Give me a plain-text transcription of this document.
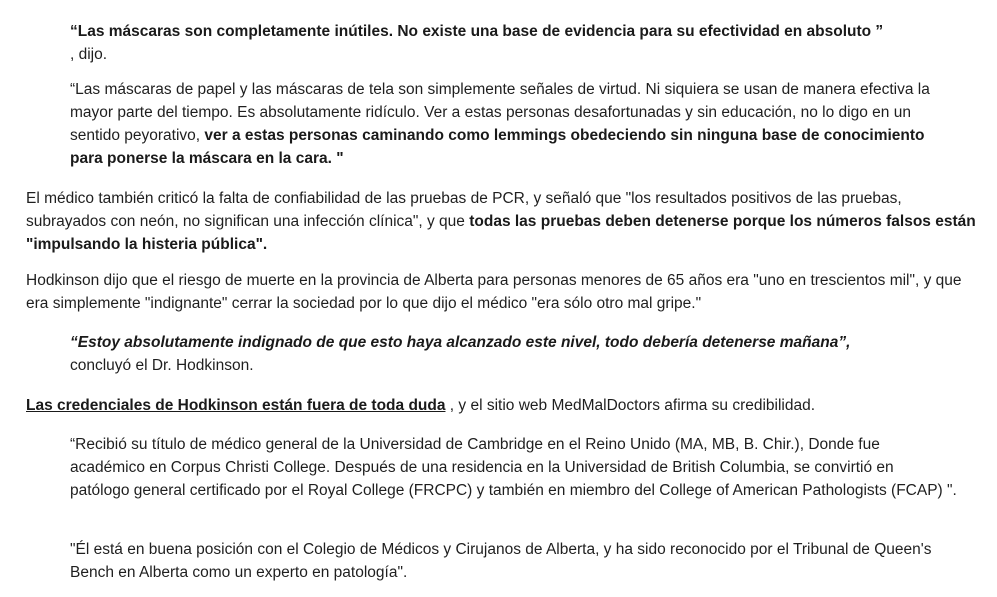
“Las máscaras son completamente inútiles. No existe una base de evidencia para su efectividad en absoluto ”
, dijo.

“Las máscaras de papel y las máscaras de tela son simplemente señales de virtud. Ni siquiera se usan de manera efectiva la mayor parte del tiempo. Es absolutamente ridículo. Ver a estas personas desafortunadas y sin educación, no lo digo en un sentido peyorativo, ver a estas personas caminando como lemmings obedeciendo sin ninguna base de conocimiento para ponerse la máscara en la cara. "

El médico también criticó la falta de confiabilidad de las pruebas de PCR, y señaló que "los resultados positivos de las pruebas, subrayados con neón, no significan una infección clínica", y que todas las pruebas deben detenerse porque los números falsos están "impulsando la histeria pública".

Hodkinson dijo que el riesgo de muerte en la provincia de Alberta para personas menores de 65 años era "uno en trescientos mil", y que era simplemente "indignante" cerrar la sociedad por lo que dijo el médico "era sólo otro mal gripe."

“Estoy absolutamente indignado de que esto haya alcanzado este nivel, todo debería detenerse mañana”,
concluyó el Dr. Hodkinson.

Las credenciales de Hodkinson están fuera de toda duda , y el sitio web MedMalDoctors afirma su credibilidad.

“Recibió su título de médico general de la Universidad de Cambridge en el Reino Unido (MA, MB, B. Chir.), Donde fue académico en Corpus Christi College. Después de una residencia en la Universidad de British Columbia, se convirtió en patólogo general certificado por el Royal College (FRCPC) y también en miembro del College of American Pathologists (FCAP) ".

"Él está en buena posición con el Colegio de Médicos y Cirujanos de Alberta, y ha sido reconocido por el Tribunal de Queen's Bench en Alberta como un experto en patología".
